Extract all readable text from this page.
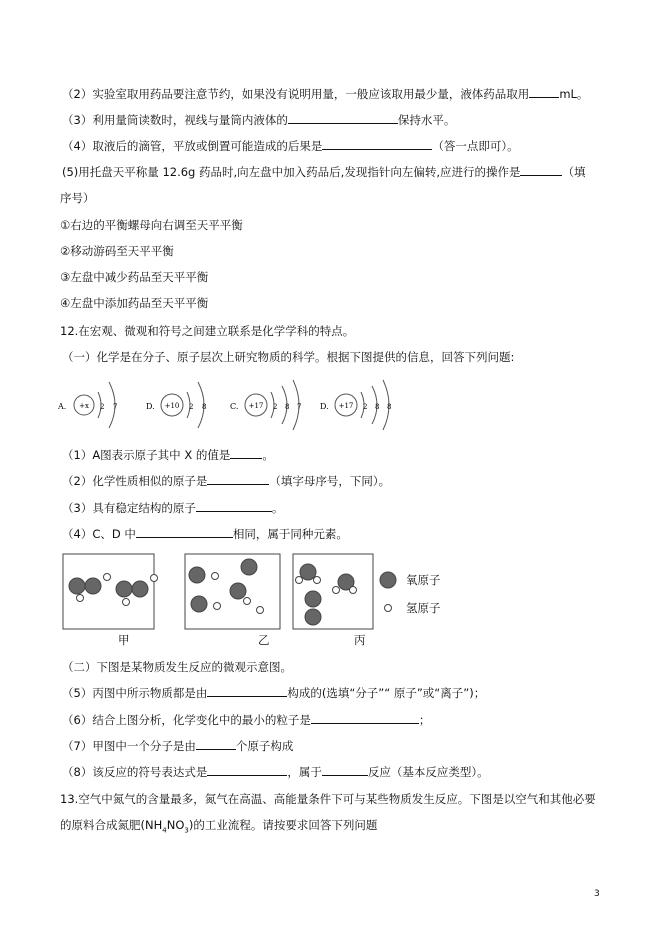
（2）实验室取用药品要注意节约，如果没有说明用量，一般应该取用最少量，液体药品取用	mL。
（3）利用量筒读数时，视线与量筒内液体的	保持水平。
（4）取液后的滴管，平放或倒置可能造成的后果是	（答一点即可）。
(5)用托盘天平称量 12.6g 药品时,向左盘中加入药品后,发现指针向左偏转,应进行的操作是	（填
序号）
①右边的平衡螺母向右调至天平平衡
②移动游码至天平平衡
③左盘中减少药品至天平平衡
④左盘中添加药品至天平平衡
12.在宏观、微观和符号之间建立联系是化学学科的特点。
（一）化学是在分子、原子层次上研究物质的科学。根据下图提供的信息，回答下列问题:
A. +x 2 7	D. +10 2 8	C. +17 2 8 7 D. +17 2 8 8
（1）A图表示原子其中 X 的值是	。
（2）化学性质相似的原子是	（填字母序号，下同）。
（3）具有稳定结构的原子	。
（4）C、D 中	相同，属于同种元素。
氧原子
氢原子
甲	乙	丙
（二）下图是某物质发生反应的微观示意图。
（5）丙图中所示物质都是由	构成的(选填“分子”“ 原子”或“离子”)；
（6）结合上图分析，化学变化中的最小的粒子是	；
（7）甲图中一个分子是由	个原子构成
（8）该反应的符号表达式是	，属于	反应（基本反应类型）。
13.空气中氮气的含量最多，氮气在高温、高能量条件下可与某些物质发生反应。下图是以空气和其他必要
的原料合成氮肥$(NH_4NO_3)$的工业流程。请按要求回答下列问题
3
